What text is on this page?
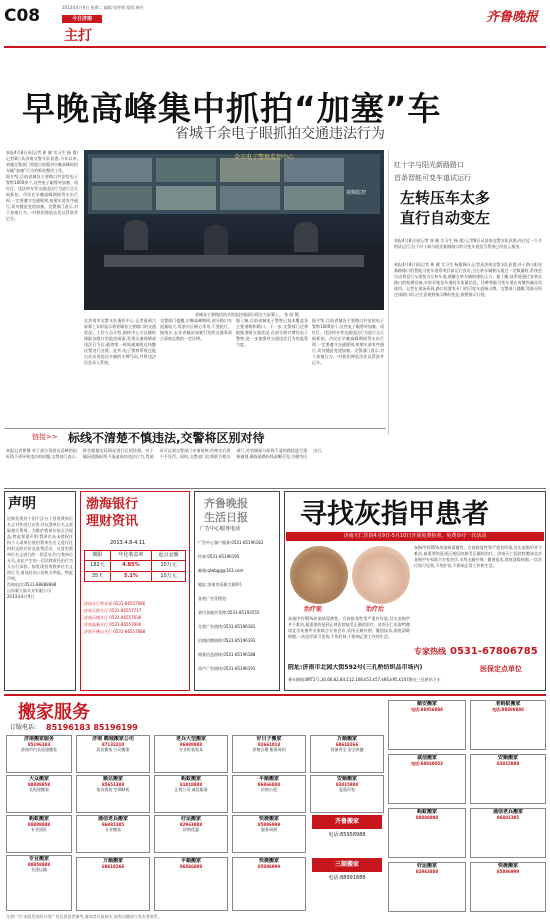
C08	2013年4月9日 星期二 编辑:张仲利 组版:韩丹
今日济南
主打
齐鲁晚报
早晚高峰集中抓拍“加塞”车
省城千余电子眼抓拍交通违法行为
本报4月8日讯(记者 崔 健 实习生 杨 俊) 记者8日从济南交警支队获悉,今年以来,省城交警部门将重点加强对早晚高峰时段车辆“加塞”行为的抓拍整治工作。
据介绍,目前省城各主要路口共安装电子警察1000余个,这些电子眼将对加塞、闯红灯、违法停车等交通违法行为进行全天候抓拍。市民在早晚高峰期间驾车出行时,一定要遵守交通规则,按照车道有序通行,切勿随意变道加塞。交警部门表示,对于加塞行为,一经抓拍将依法处以罚款并记分。
全市电子警察监控中心
视频监控
省城各主要路段的实时监控画面出现在大屏幕上。 张 晗 摄
在济南市交警支队指挥中心,记者看到大屏幕上实时显示着省城各主要路口的交通状况。工作人员介绍,指挥中心可以随时调取各路口的监控画面,发现交通拥堵或违法行为后,能够第一时间通知附近执勤民警进行处置。此外,电子警察系统还能自动识别违法车辆的车牌号码,并将违法信息录入系统。
交警部门提醒,早晚高峰期间,部分路口车流量较大,驾驶员应耐心等待,不要抢行。据统计,去年省城因加塞引发的交通事故占事故总数的一定比例。
据了解,目前省城电子警察已基本覆盖各主要道路和路口。下一步,交警部门还将根据道路交通状况,在部分路口增设电子警察,进一步加强对交通违法行为的监管力度。
据介绍,目前省城各主要路口共安装电子警察1000余个,这些电子眼将对加塞、闯红灯、违法停车等交通违法行为进行全天候抓拍。市民在早晚高峰期间驾车出行时,一定要遵守交通规则,按照车道有序通行,切勿随意变道加塞。交警部门表示,对于加塞行为,一经抓拍将依法处以罚款并记分。
红十字与阳光新路路口
首条智能可变车道试运行
左转压车太多
直行自动变左
本报4月8日讯(记者 崔 健 实习生 杨 俊) 记者8日从济南交警支队获悉,经过近一个月的试运行,位于经十路与阳光新路路口的可变车道信号系统已经投入使用。
本报4月8日讯(记者 崔 健 实习生 杨俊)8日,记者从济南交警支队获悉,经十路与阳光新路路口的智能可变车道系统目前运行良好,当左转车辆积压超过一定数量时,系统会自动将直行车道变为左转车道,缓解左转车辆的排队压力。据了解,该系统通过安装在路口的检测设备,实时采集各车道的车流量信息。这种智能可变车道在省城尚属首次使用。记者在现场看到,路口设置有专门的可变车道指示牌。交警部门提醒,驾驶员经过该路口时,应注意观察指示牌的变化,按照指示行驶。
链接>> 标线不清楚不慎违法,交警将区别对待
本报记者崔健 对于部分驾驶员反映的因标线不清导致违法的问题,交警部门表示,将会根据实际情况进行区别处理。对于确因道路标线不清造成的违法行为,驾驶员可以到交警部门申请复核,经核实后将不予处罚。同时,交警部门也将联合相关部门,对省城部分标线不清的路段进行重新施划,确保道路标线清晰可见,方便市民出行。
声明
近期发现有个别不法分子冒用我单位名义对外进行宣传,并以我单位名义收取相关费用。为维护我单位的合法权益,特此郑重声明:我单位从未授权任何个人或单位使用我单位名义进行任何形式的宣传及收费活动。凡冒用我单位名义进行的一切活动,均与我单位无关,由此产生的一切法律责任由行为人自行承担。如发现冒用我单位名义的行为,请及时向公安机关举报。特此声明。
咨询电话:0531-88888888
山东新大陆实业有限公司
2013年4月9日
渤海银行
理财资讯
2013.4.8-4.11
期限	年化收益率	起点金额
182天	4.85%	10万元
35天	5.1%	10万元
济南分行营业部 0531-86557686
济南天桥支行 0531-86557717
济南历城支行 0531-86557636
济南高新支行 0531-86557906
济南千佛山支行 0531-86557888
齐鲁晚报
生活日报
广告中心服务电话
广告中心客户服务:0531-85196183
传真:0531-85196195
邮箱:qlwbgg@163.com
地址:济南市泺源大街6号
各类广告受理处:
省内各地市受理:0531-85193555
分类广告热线:0531-85196181
招商招聘热线:0531-85196193
商务信息热线:0531-85196188
房产广告热线:0531-85196191
寻找灰指甲患者
济南天仁医院4月9日-5月10日开展免费检查、免费诊疗一次活动
治疗前	治疗后
灰指甲有95%传染病毒菌性。合体排毒性等严重有传染,其实灰指甲并不难治,最重要的是到正规医院接受正确的治疗。济南天仁医院特邀请北京灰指甲专家联合专家会诊,采用无痛针剂、微创技术,彻底清除病菌,一次治疗即可见效,不伤肝肾,不影响正常工作和生活。
灰指甲有95%传染病毒菌性。合体排毒性等严重有传染,其实灰指甲并不难治,最重要的是到正规医院接受正确的治疗。济南天仁医院特邀请北京灰指甲专家联合专家会诊,采用无痛针剂、微创技术,彻底清除病菌,一次治疗即可见效,不伤肝肾,不影响正常工作和生活。
专家热线 0531-67806785
医保定点单位
院址:济南市北园大街592号(三孔桥纺织品市场内)
乘车路线:BRT1号,30,66,82,84,112,108,k53,k57,k66,k95,k107路在三孔桥站下车
搬家服务
订版电话: 85196183 85196199
济南搬家服务
85196183
济南市内长短途搬家
大众搬家
88888858
长短途搬家
蚂蚁搬家
88888888
专业团队
专业搬家
88858888
长途运输
济南 鹤城搬家公司
87132210
居民搬家 公司搬家
顺达搬家
85651388
家具拆装 空调移机
通信老兵搬家
86881385
专业搬家
老兵大型搬家
86988888
专业拆装家具
蚂蚁搬家
81818888
正规公司 诚信服务
好运搬家
82963888
价格优惠
好日子搬家
82661018
价格合理 服务周到
平顺搬家
86866888
价格公道
快捷搬家
85886999
服务周到
万顺搬家
68618266
设备齐全 安全快捷
安顺搬家
83815888
起重吊装
齐鲁搬家
三顺搬家
电话:85958988
电话:88991888
顺安搬家
电话:88856888
老蚂蚁搬家
电话:88888888
诚信搬家
电话:68930053
安顺搬家
83815888
蚂蚁搬家
88888888
通信老兵搬家
86881385
好运搬家
82963888
快捷搬家
85886999
万顺搬家
68618266
平顺搬家
86866888
快捷搬家
85886999
分类广告:本版发布的分类广告仅供读者参考,请读者认真核实,如有问题请与发布者联系。
